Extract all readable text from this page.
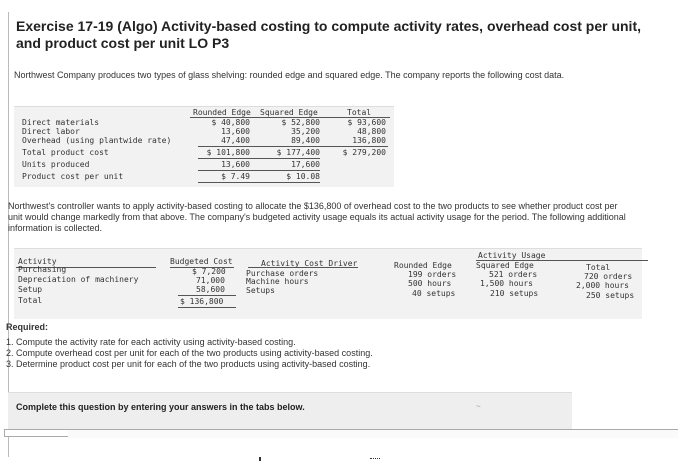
Exercise 17-19 (Algo) Activity-based costing to compute activity rates, overhead cost per unit, and product cost per unit LO P3
Northwest Company produces two types of glass shelving: rounded edge and squared edge. The company reports the following cost data.
Rounded Edge Squared Edge	Total
Direct materials	$ 40,800	$ 52,800	$ 93,600
Direct labor	13,600	35,200	48,800
Overhead (using plantwide rate)	47,400	89,400	136,800
Total product cost	$ 101,800	$ 177,400	$ 279,200
Units produced	13,600	17,600
Product cost per unit	$ 7.49	$ 10.08
Northwest's controller wants to apply activity-based costing to allocate the $136,800 of overhead cost to the two products to see whether product cost per unit would change markedly from that above. The company's budgeted activity usage equals its actual activity usage for the period. The following additional information is collected.
Activity Usage
Activity	Budgeted Cost	Activity Cost Driver	Rounded Edge	Squared Edge	Total
Purchasing	$ 7,200	Purchase orders	199 orders	521 orders	720 orders
Depreciation of machinery	71,000	Machine hours	500 hours	1,500 hours	2,000 hours
Setup	58,600	Setups	40 setups	210 setups	250 setups
Total	$ 136,800
Required:
1. Compute the activity rate for each activity using activity-based costing.
2. Compute overhead cost per unit for each of the two products using activity-based costing.
3. Determine product cost per unit for each of the two products using activity-based costing.
Complete this question by entering your answers in the tabs below.	~
